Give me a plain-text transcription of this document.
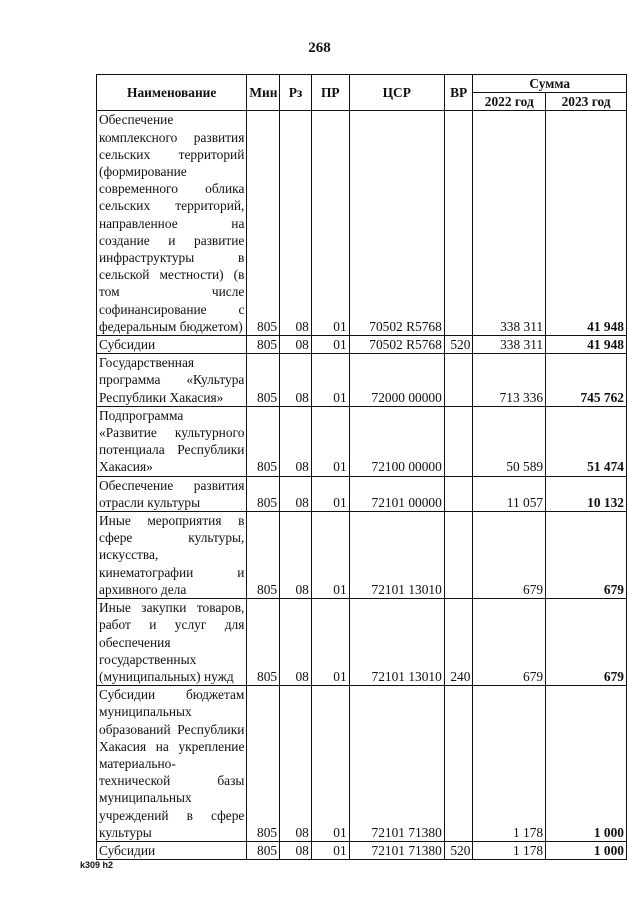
268
Наименование	Мин	Рз	ПР	ЦСР	ВР	Сумма	
						2022 год	2023 год
Обеспечение комплексного развития сельских территорий (формирование современного облика сельских территорий, направленное на создание и развитие инфраструктуры в сельской местности) (в том числе софинансирование с федеральным бюджетом)	805	08	01	70502 R5768		338 311	41 948
Субсидии	805	08	01	70502 R5768	520	338 311	41 948
Государственная программа «Культура Республики Хакасия»	805	08	01	72000 00000		713 336	745 762
Подпрограмма «Развитие культурного потенциала Республики Хакасия»	805	08	01	72100 00000		50 589	51 474
Обеспечение развития отрасли культуры	805	08	01	72101 00000		11 057	10 132
Иные мероприятия в сфере культуры, искусства, кинематографии и архивного дела	805	08	01	72101 13010		679	679
Иные закупки товаров, работ и услуг для обеспечения государственных (муниципальных) нужд	805	08	01	72101 13010	240	679	679
Субсидии бюджетам муниципальных образований Республики Хакасия на укрепление материально-технической базы муниципальных учреждений в сфере культуры	805	08	01	72101 71380		1 178	1 000
Субсидии	805	08	01	72101 71380	520	1 178	1 000
k309 h2
